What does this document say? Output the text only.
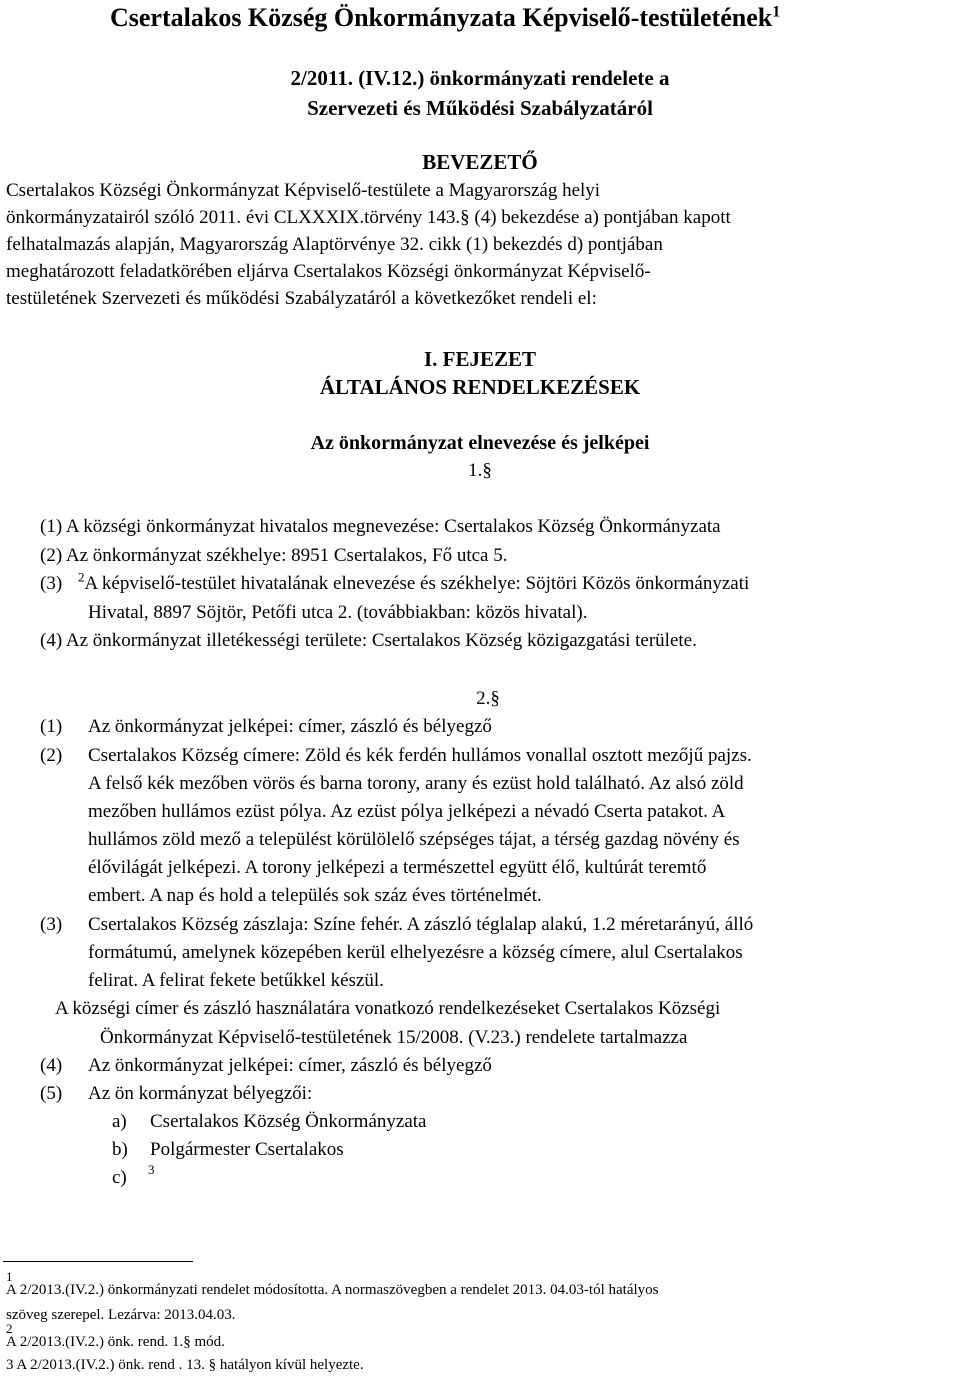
Csertalakos Község Önkormányzata Képviselő-testületének$^1$
2/2011. (IV.12.) önkormányzati rendelete a
Szervezeti és Működési Szabályzatáról
BEVEZETŐ
Csertalakos Községi Önkormányzat Képviselő-testülete a Magyarország helyi
önkormányzatairól szóló 2011. évi CLXXXIX.törvény 143.§ (4) bekezdése a) pontjában kapott
felhatalmazás alapján, Magyarország Alaptörvénye 32. cikk (1) bekezdés d) pontjában
meghatározott feladatkörében eljárva Csertalakos Községi önkormányzat Képviselő-
testületének Szervezeti és működési Szabályzatáról a következőket rendeli el:
I. FEJEZET
ÁLTALÁNOS RENDELKEZÉSEK
Az önkormányzat elnevezése és jelképei
1.§
(1) A községi önkormányzat hivatalos megnevezése: Csertalakos Község Önkormányzata
(2) Az önkormányzat székhelye: 8951 Csertalakos, Fő utca 5.
(3) $^2$A képviselő-testület hivatalának elnevezése és székhelye: Söjtöri Közös önkormányzati
Hivatal, 8897 Söjtör, Petőfi utca 2. (továbbiakban: közös hivatal).
(4) Az önkormányzat illetékességi területe: Csertalakos Község közigazgatási területe.
2.§
(1) Az önkormányzat jelképei: címer, zászló és bélyegző
(2) Csertalakos Község címere: Zöld és kék ferdén hullámos vonallal osztott mezőjű pajzs.
A felső kék mezőben vörös és barna torony, arany és ezüst hold található. Az alsó zöld
mezőben hullámos ezüst pólya. Az ezüst pólya jelképezi a névadó Cserta patakot. A
hullámos zöld mező a települést körülölelő szépséges tájat, a térség gazdag növény és
élővilágát jelképezi. A torony jelképezi a természettel együtt élő, kultúrát teremtő
embert. A nap és hold a település sok száz éves történelmét.
(3) Csertalakos Község zászlaja: Színe fehér. A zászló téglalap alakú, 1.2 méretarányú, álló
formátumú, amelynek közepében kerül elhelyezésre a község címere, alul Csertalakos
felirat. A felirat fekete betűkkel készül.
A községi címer és zászló használatára vonatkozó rendelkezéseket Csertalakos Községi
Önkormányzat Képviselő-testületének 15/2008. (V.23.) rendelete tartalmazza
(4) Az önkormányzat jelképei: címer, zászló és bélyegző
(5) Az ön kormányzat bélyegzői:
a) Csertalakos Község Önkormányzata
b) Polgármester Csertalakos
c) 3
1
A 2/2013.(IV.2.) önkormányzati rendelet módosította. A normaszövegben a rendelet 2013. 04.03-tól hatályos
szöveg szerepel. Lezárva: 2013.04.03.
2
A 2/2013.(IV.2.) önk. rend. 1.§ mód.
3 A 2/2013.(IV.2.) önk. rend . 13. § hatályon kívül helyezte.
